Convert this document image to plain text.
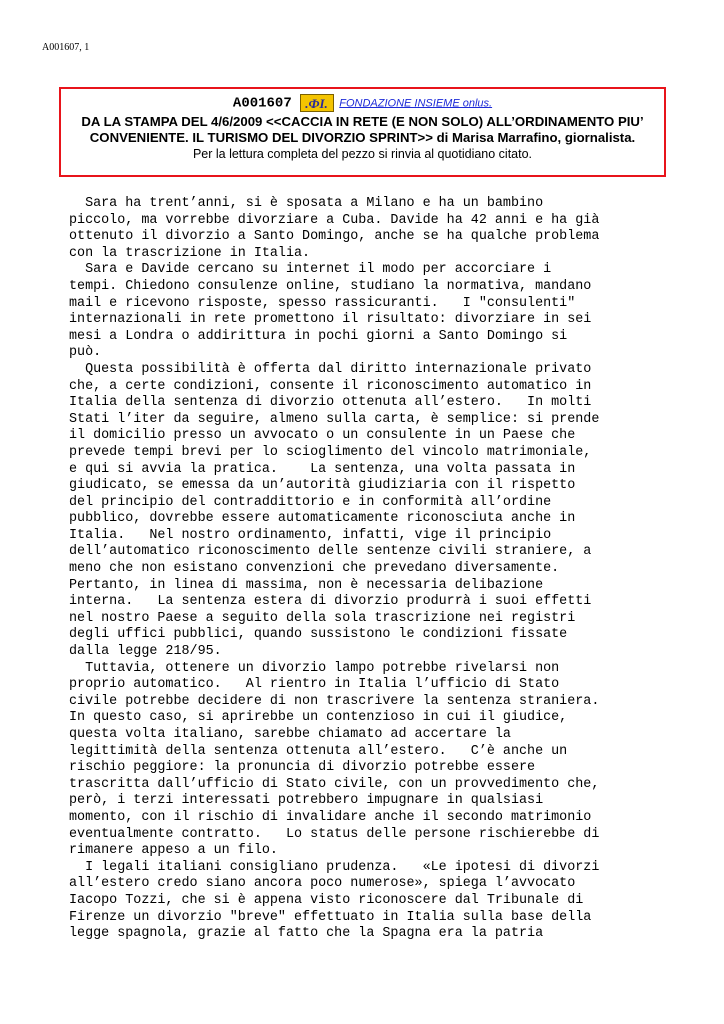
A001607, 1
A001607 .ФI. FONDAZIONE INSIEME onlus.
DA LA STAMPA DEL 4/6/2009 <<CACCIA IN RETE (E NON SOLO) ALL’ORDINAMENTO PIU’ CONVENIENTE. IL TURISMO DEL DIVORZIO SPRINT>> di Marisa Marrafino, giornalista.
Per la lettura completa del pezzo si rinvia al quotidiano citato.

Sara ha trent’anni, si è sposata a Milano e ha un bambino
piccolo, ma vorrebbe divorziare a Cuba. Davide ha 42 anni e ha già
ottenuto il divorzio a Santo Domingo, anche se ha qualche problema
con la trascrizione in Italia.

Sara e Davide cercano su internet il modo per accorciare i
tempi. Chiedono consulenze online, studiano la normativa, mandano
mail e ricevono risposte, spesso rassicuranti.   I "consulenti"
internazionali in rete promettono il risultato: divorziare in sei
mesi a Londra o addirittura in pochi giorni a Santo Domingo si
può.

Questa possibilità è offerta dal diritto internazionale privato
che, a certe condizioni, consente il riconoscimento automatico in
Italia della sentenza di divorzio ottenuta all’estero.   In molti
Stati l’iter da seguire, almeno sulla carta, è semplice: si prende
il domicilio presso un avvocato o un consulente in un Paese che
prevede tempi brevi per lo scioglimento del vincolo matrimoniale,
e qui si avvia la pratica.    La sentenza, una volta passata in
giudicato, se emessa da un’autorità giudiziaria con il rispetto
del principio del contraddittorio e in conformità all’ordine
pubblico, dovrebbe essere automaticamente riconosciuta anche in
Italia.   Nel nostro ordinamento, infatti, vige il principio
dell’automatico riconoscimento delle sentenze civili straniere, a
meno che non esistano convenzioni che prevedano diversamente.
Pertanto, in linea di massima, non è necessaria delibazione
interna.   La sentenza estera di divorzio produrrà i suoi effetti
nel nostro Paese a seguito della sola trascrizione nei registri
degli uffici pubblici, quando sussistono le condizioni fissate
dalla legge 218/95.

Tuttavia, ottenere un divorzio lampo potrebbe rivelarsi non
proprio automatico.   Al rientro in Italia l’ufficio di Stato
civile potrebbe decidere di non trascrivere la sentenza straniera.
In questo caso, si aprirebbe un contenzioso in cui il giudice,
questa volta italiano, sarebbe chiamato ad accertare la
legittimità della sentenza ottenuta all’estero.   C’è anche un
rischio peggiore: la pronuncia di divorzio potrebbe essere
trascritta dall’ufficio di Stato civile, con un provvedimento che,
però, i terzi interessati potrebbero impugnare in qualsiasi
momento, con il rischio di invalidare anche il secondo matrimonio
eventualmente contratto.   Lo status delle persone rischierebbe di
rimanere appeso a un filo.

I legali italiani consigliano prudenza.   «Le ipotesi di divorzi
all’estero credo siano ancora poco numerose», spiega l’avvocato
Iacopo Tozzi, che si è appena visto riconoscere dal Tribunale di
Firenze un divorzio "breve" effettuato in Italia sulla base della
legge spagnola, grazie al fatto che la Spagna era la patria
